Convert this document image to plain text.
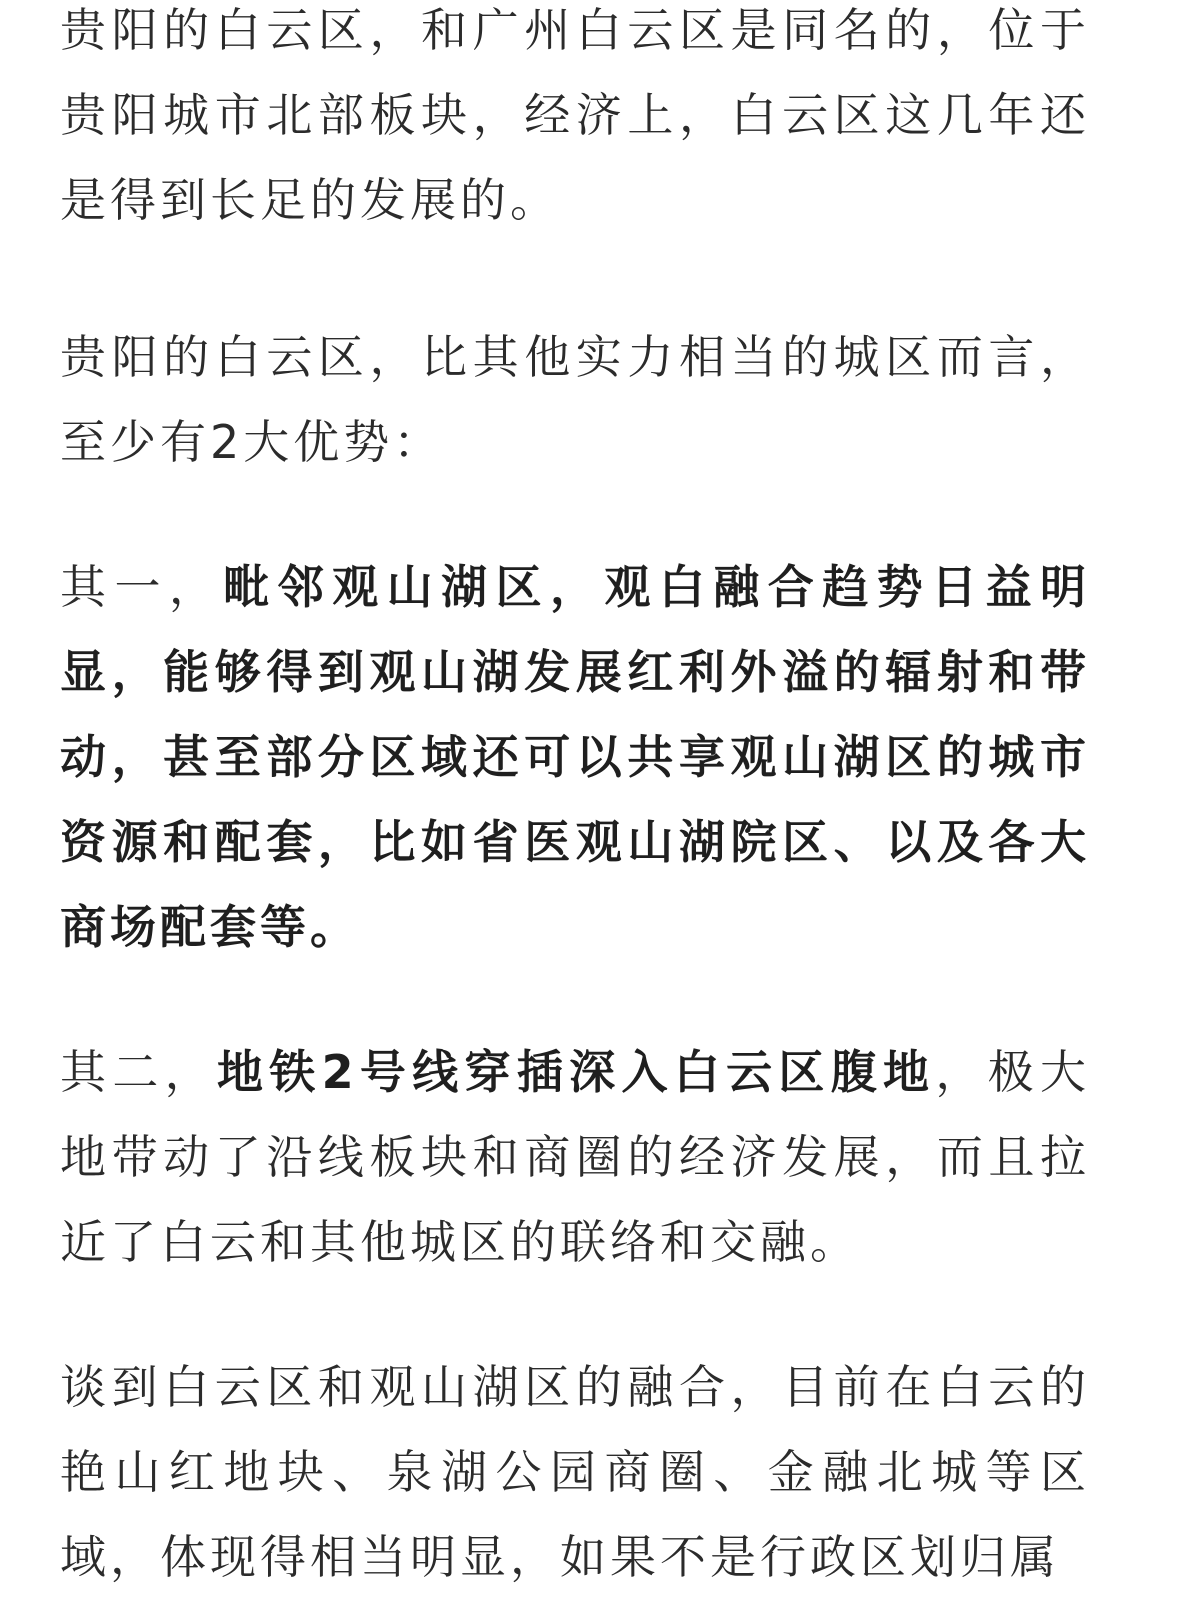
贵阳的白云区，和广州白云区是同名的，位于贵阳城市北部板块，经济上，白云区这几年还是得到长足的发展的。

贵阳的白云区，比其他实力相当的城区而言，至少有2大优势：

其一，毗邻观山湖区，观白融合趋势日益明显，能够得到观山湖发展红利外溢的辐射和带动，甚至部分区域还可以共享观山湖区的城市资源和配套，比如省医观山湖院区、以及各大商场配套等。

其二，地铁2号线穿插深入白云区腹地，极大地带动了沿线板块和商圈的经济发展，而且拉近了白云和其他城区的联络和交融。

谈到白云区和观山湖区的融合，目前在白云的艳山红地块、泉湖公园商圈、金融北城等区域，体现得相当明显，如果不是行政区划归属
